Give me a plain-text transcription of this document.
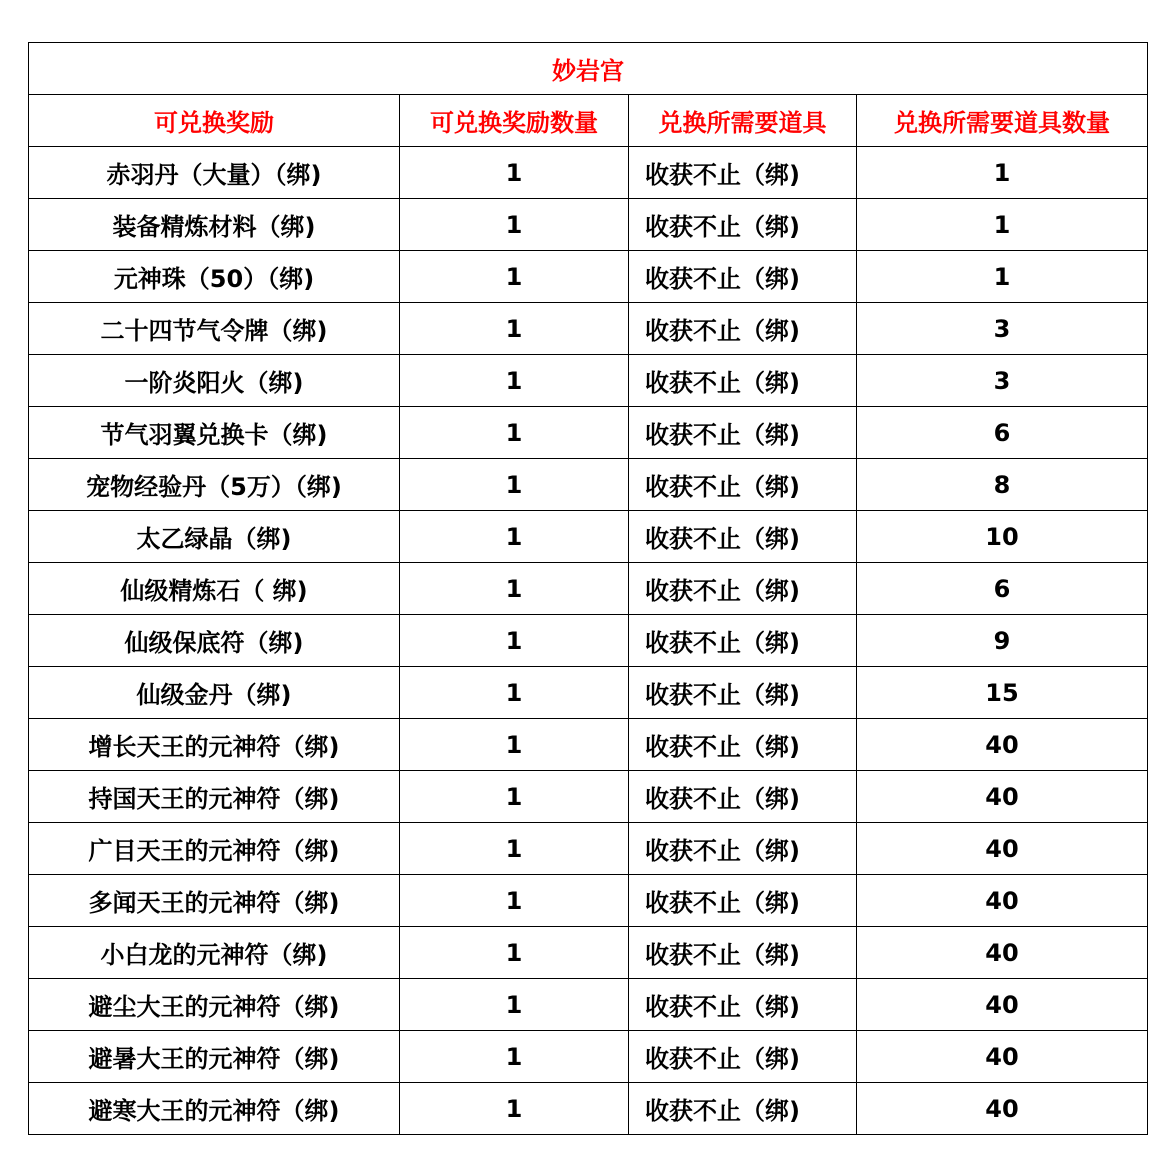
妙岩宫			
可兑换奖励	可兑换奖励数量	兑换所需要道具	兑换所需要道具数量
赤羽丹（大量）（绑)	1	收获不止（绑)	1
装备精炼材料（绑)	1	收获不止（绑)	1
元神珠（50）（绑)	1	收获不止（绑)	1
二十四节气令牌（绑)	1	收获不止（绑)	3
一阶炎阳火（绑)	1	收获不止（绑)	3
节气羽翼兑换卡（绑)	1	收获不止（绑)	6
宠物经验丹（5万）（绑)	1	收获不止（绑)	8
太乙绿晶（绑)	1	收获不止（绑)	10
仙级精炼石（ 绑)	1	收获不止（绑)	6
仙级保底符（绑)	1	收获不止（绑)	9
仙级金丹（绑)	1	收获不止（绑)	15
增长天王的元神符（绑)	1	收获不止（绑)	40
持国天王的元神符（绑)	1	收获不止（绑)	40
广目天王的元神符（绑)	1	收获不止（绑)	40
多闻天王的元神符（绑)	1	收获不止（绑)	40
小白龙的元神符（绑)	1	收获不止（绑)	40
避尘大王的元神符（绑)	1	收获不止（绑)	40
避暑大王的元神符（绑)	1	收获不止（绑)	40
避寒大王的元神符（绑)	1	收获不止（绑)	40
